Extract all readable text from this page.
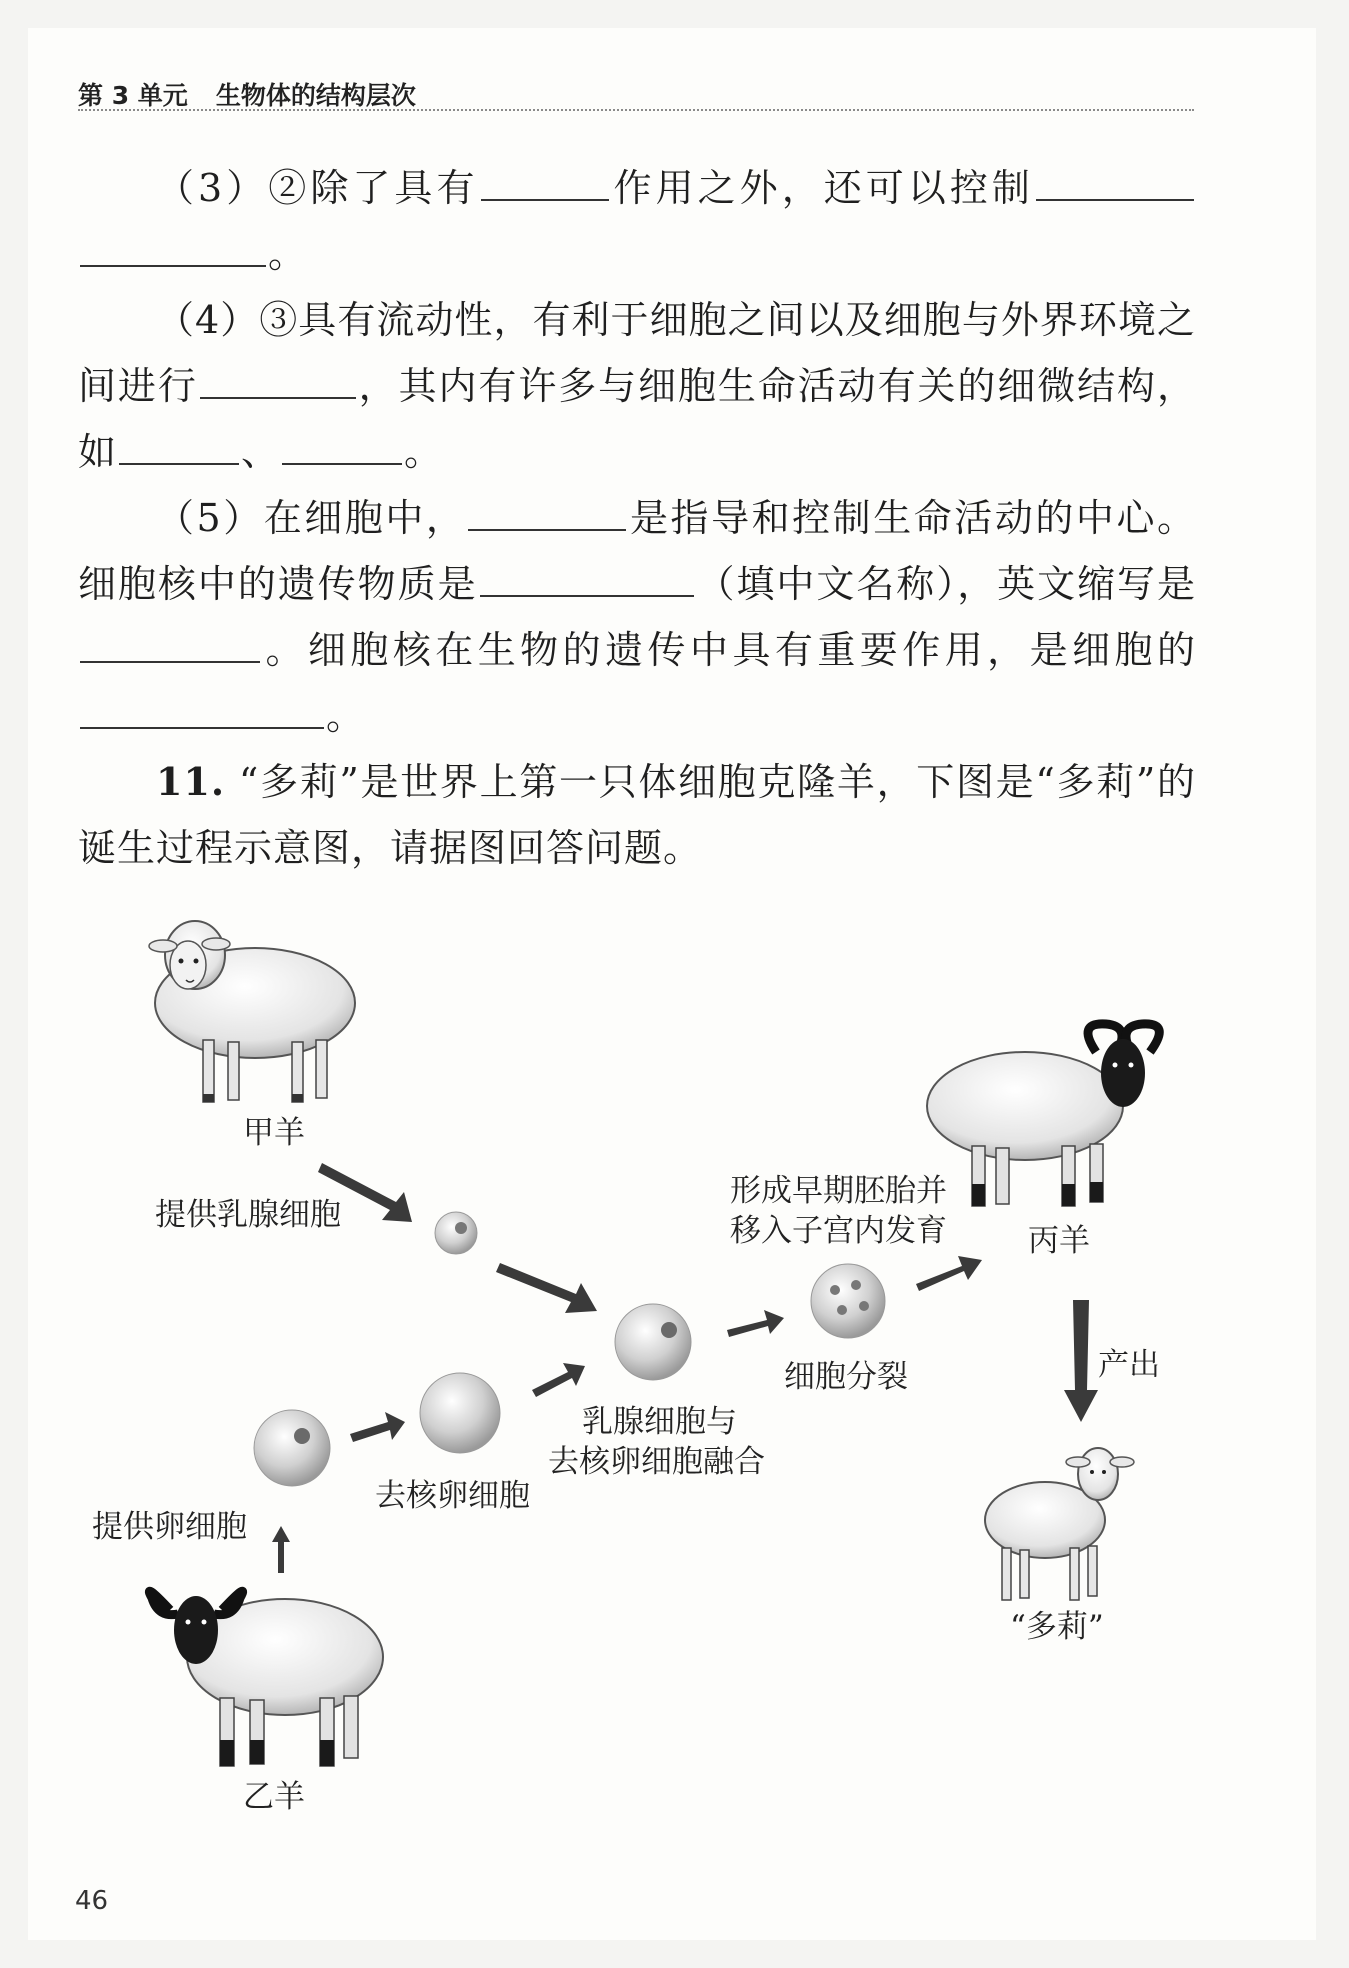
第 3 单元 生物体的结构层次

（3）②除了具有	作用之外，还可以控制。

（4）③具有流动性，有利于细胞之间以及细胞与外界环境之间进行	，其内有许多与细胞生命活动有关的细微结构，如	、	。

（5）在细胞中，	是指导和控制生命活动的中心。细胞核中的遗传物质是	（填中文名称），英文缩写是。细胞核在生物的遗传中具有重要作用，是细胞的。

11. “多莉”是世界上第一只体细胞克隆羊，下图是“多莉”的诞生过程示意图，请据图回答问题。

甲羊
提供乳腺细胞
形成早期胚胎并
移入子宫内发育	丙羊
细胞分裂	产出
乳腺细胞与
去核卵细胞融合
去核卵细胞
提供卵细胞
“多莉”
乙羊
46
